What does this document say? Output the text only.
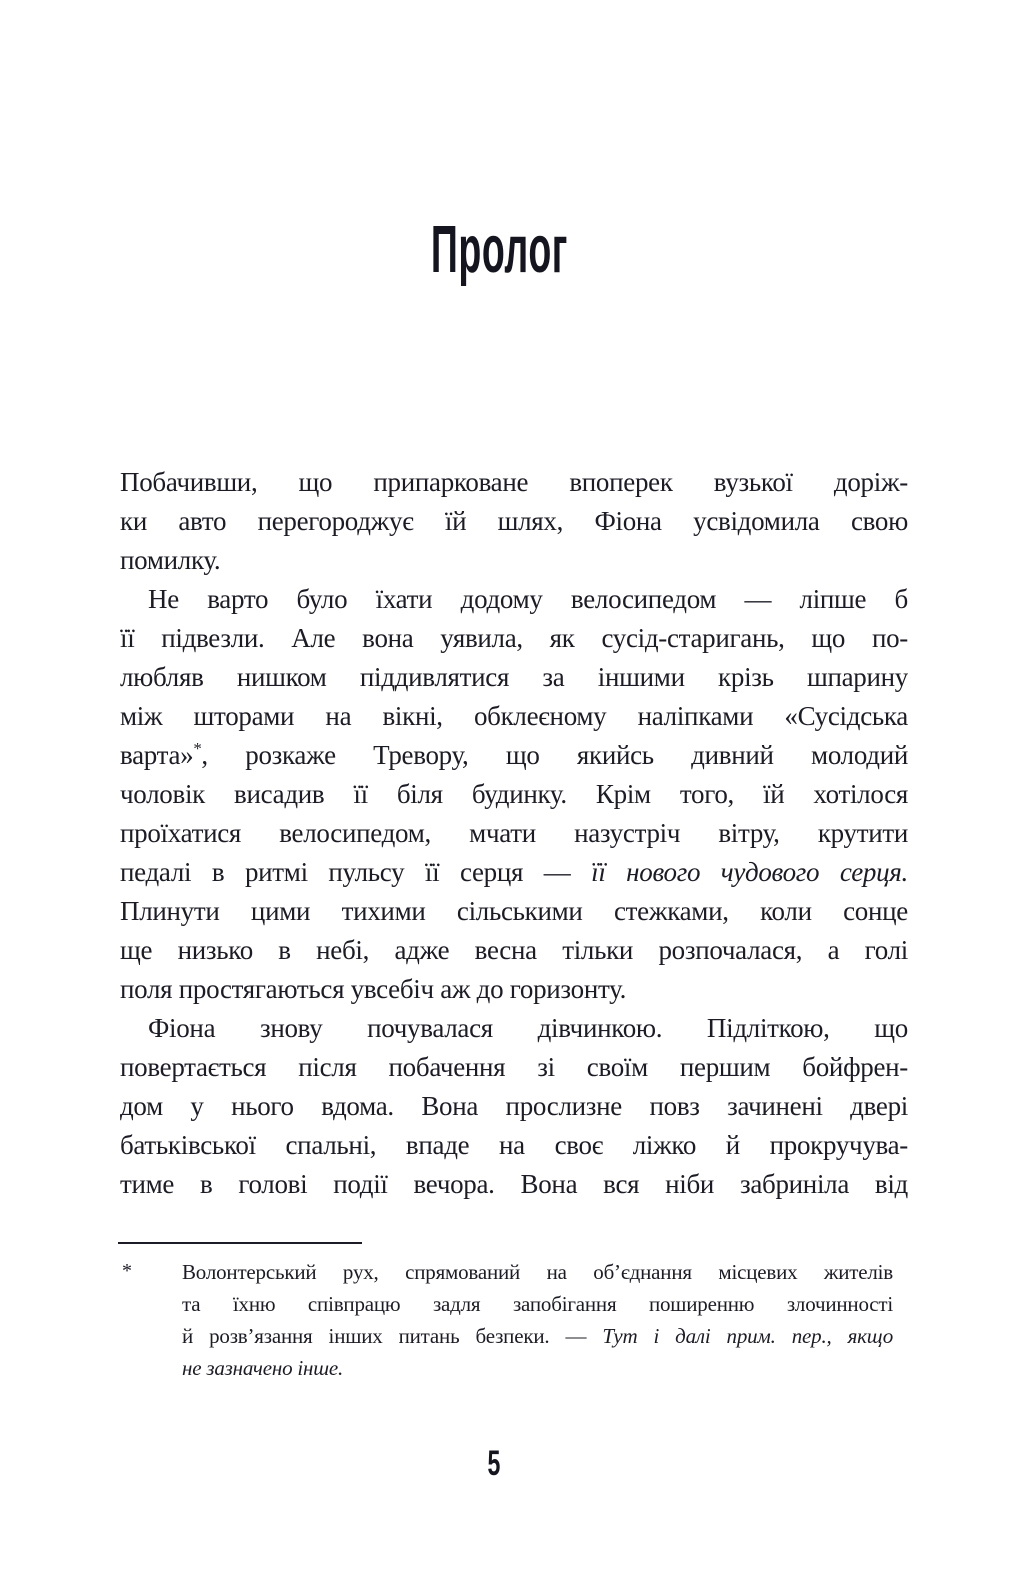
Пролог
Побачивши, що припарковане впоперек вузької доріж-
ки авто перегороджує їй шлях, Фіона усвідомила свою
помилку.
Не варто було їхати додому велосипедом — ліпше б
її підвезли. Але вона уявила, як сусід-старигань, що по-
любляв нишком піддивлятися за іншими крізь шпарину
між шторами на вікні, обклеєному наліпками «Сусідська
варта»*, розкаже Тревору, що якийсь дивний молодий
чоловік висадив її біля будинку. Крім того, їй хотілося
проїхатися велосипедом, мчати назустріч вітру, крутити
педалі в ритмі пульсу її серця — її нового чудового серця.
Плинути цими тихими сільськими стежками, коли сонце
ще низько в небі, адже весна тільки розпочалася, а голі
поля простягаються увсебіч аж до горизонту.
Фіона знову почувалася дівчинкою. Підліткою, що
повертається після побачення зі своїм першим бойфрен-
дом у нього вдома. Вона прослизне повз зачинені двері
батьківської спальні, впаде на своє ліжко й прокручува-
тиме в голові події вечора. Вона вся ніби забриніла від
* Волонтерський рух, спрямований на об’єднання місцевих жителів
та їхню співпрацю задля запобігання поширенню злочинності
й розв’язання інших питань безпеки. — Тут і далі прим. пер., якщо
не зазначено інше.
5
